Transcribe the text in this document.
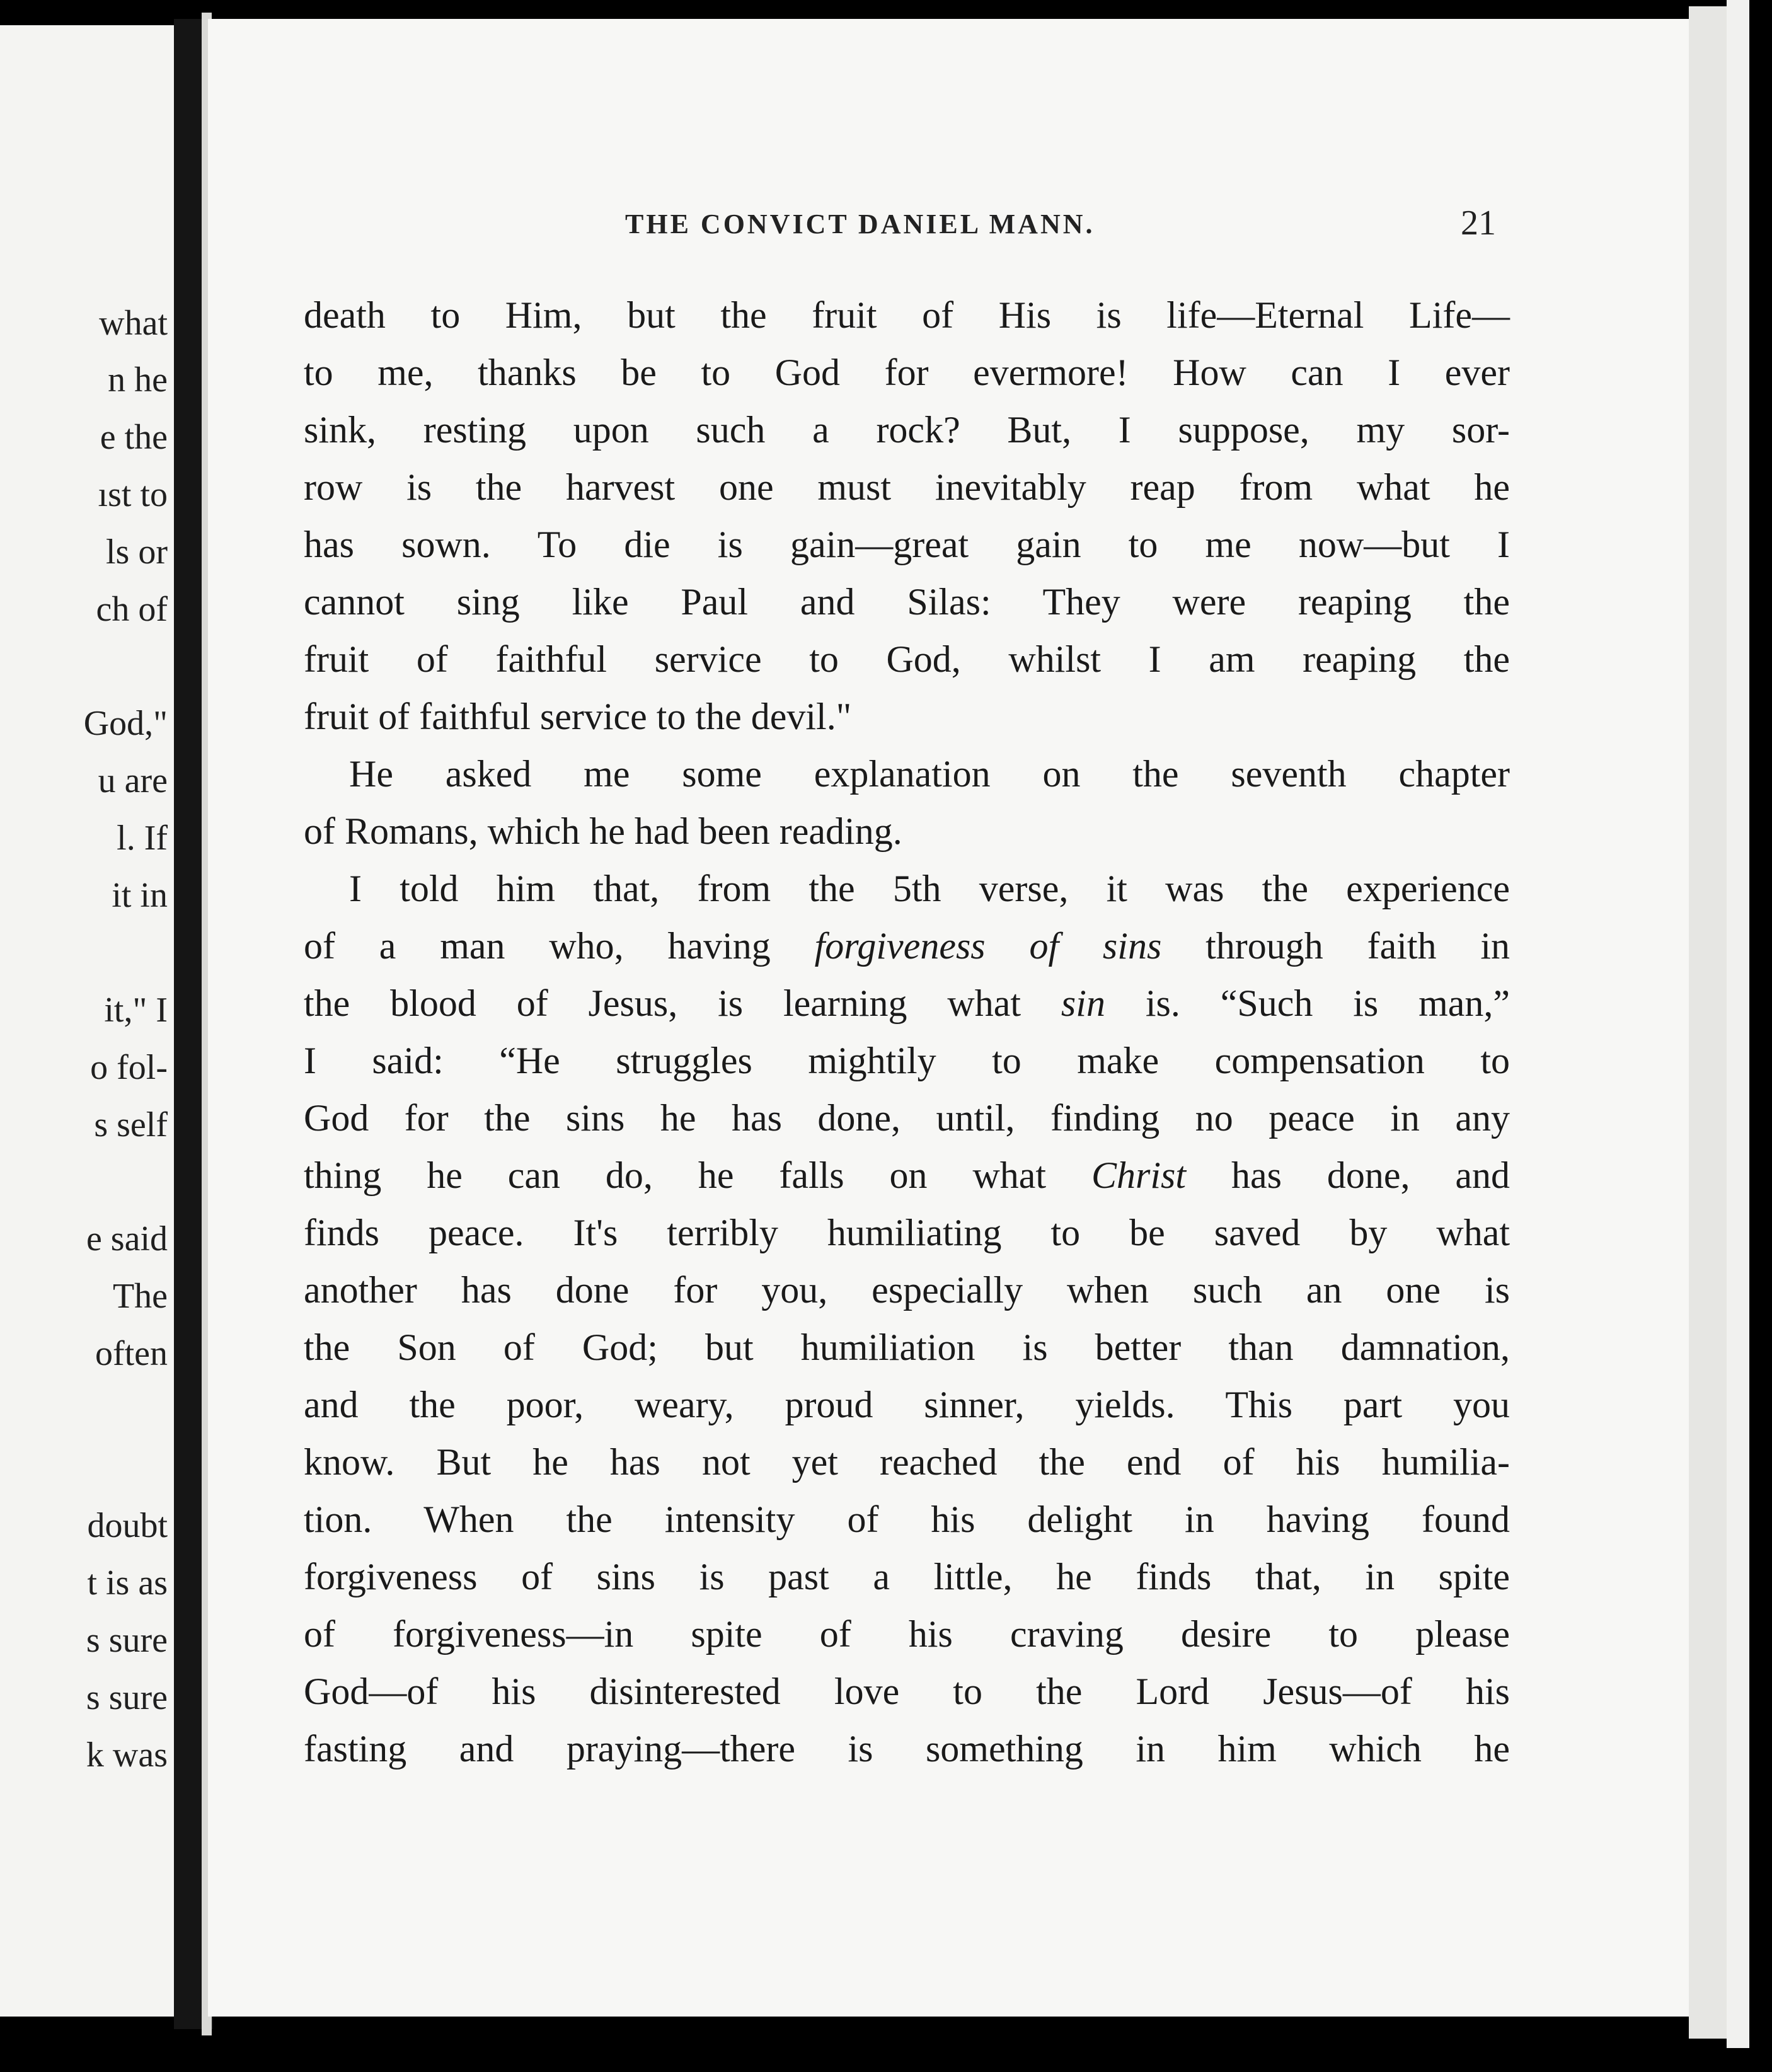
what
n he
e the
ıst to
ls or
ch of
God,"
u are
l. If
it in
it," I
o fol-
s self
e said
The
often
doubt
t is as
s sure
s sure
k was
THE CONVICT DANIEL MANN.	21
death to Him, but the fruit of His is life—Eternal Life—
to me, thanks be to God for evermore! How can I ever
sink, resting upon such a rock? But, I suppose, my sor-
row is the harvest one must inevitably reap from what he
has sown. To die is gain—great gain to me now—but I
cannot sing like Paul and Silas: They were reaping the
fruit of faithful service to God, whilst I am reaping the
fruit of faithful service to the devil."
He asked me some explanation on the seventh chapter
of Romans, which he had been reading.
I told him that, from the 5th verse, it was the experience
of a man who, having forgiveness of sins through faith in
the blood of Jesus, is learning what sin is. “Such is man,”
I said: “He struggles mightily to make compensation to
God for the sins he has done, until, finding no peace in any
thing he can do, he falls on what Christ has done, and
finds peace. It's terribly humiliating to be saved by what
another has done for you, especially when such an one is
the Son of God; but humiliation is better than damnation,
and the poor, weary, proud sinner, yields. This part you
know. But he has not yet reached the end of his humilia-
tion. When the intensity of his delight in having found
forgiveness of sins is past a little, he finds that, in spite
of forgiveness—in spite of his craving desire to please
God—of his disinterested love to the Lord Jesus—of his
fasting and praying—there is something in him which he
